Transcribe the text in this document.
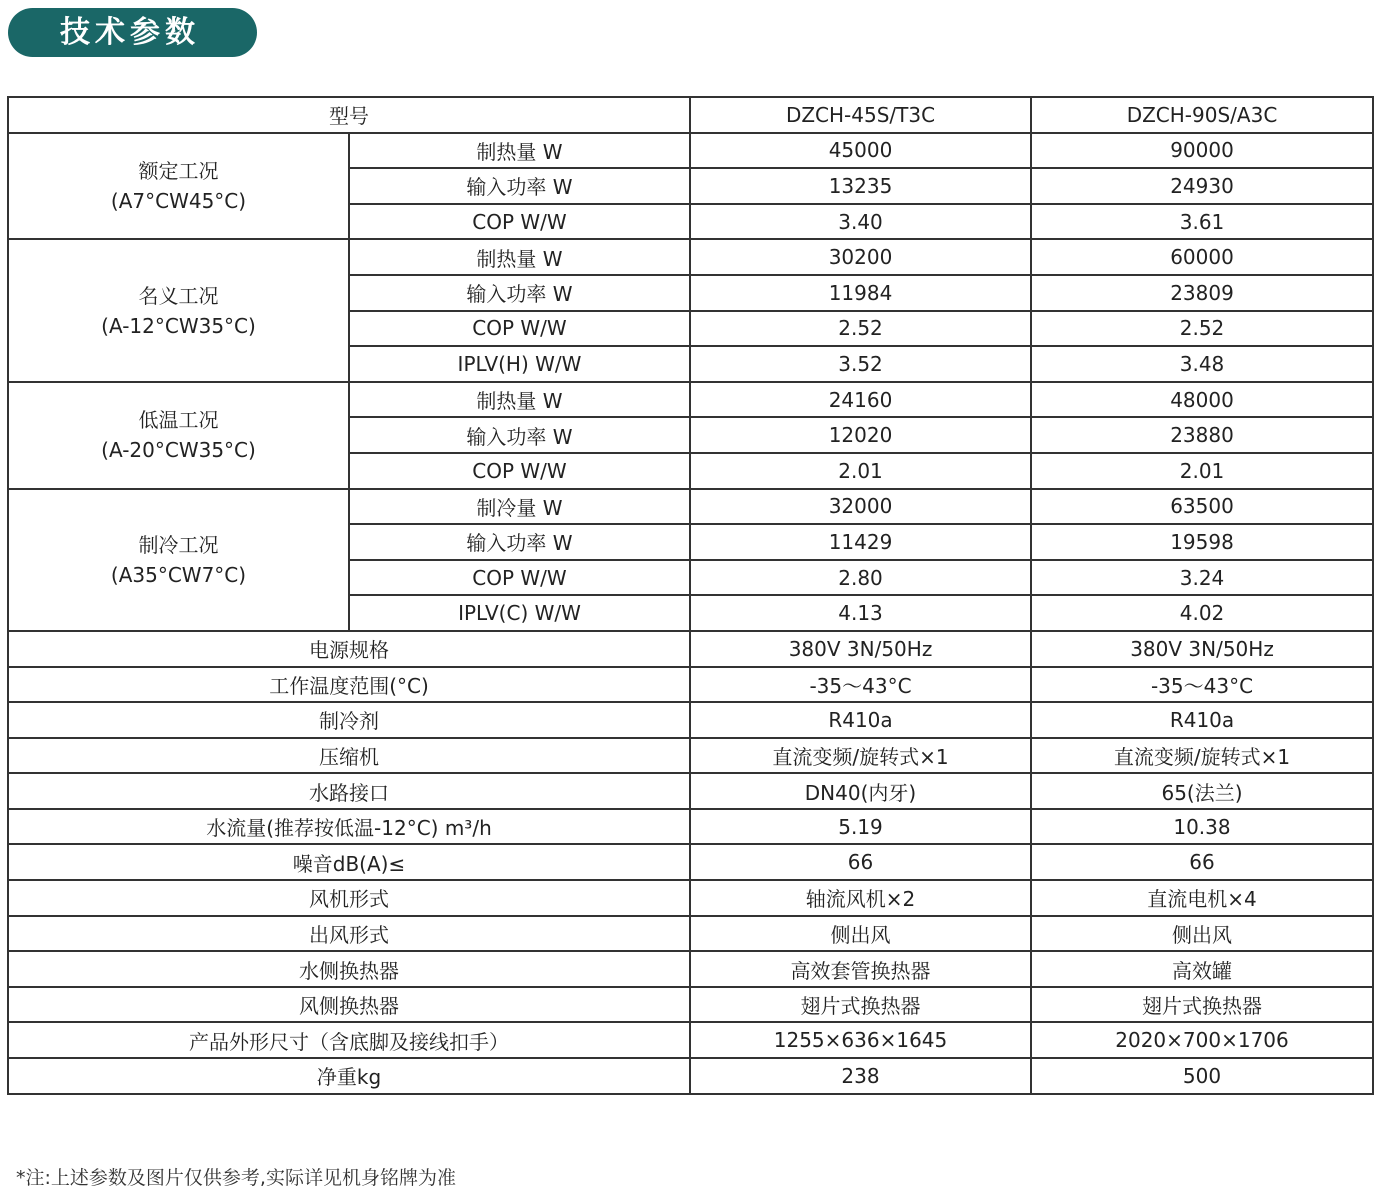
技术参数
型号		DZCH-45S/T3C	DZCH-90S/A3C

额定工况
(A7°CW45°C)	制热量 W	45000	90000
	输入功率 W	13235	24930
	COP W/W	3.40	3.61

名义工况
(A-12°CW35°C)	制热量 W	30200	60000
	输入功率 W	11984	23809
	COP W/W	2.52	2.52
	IPLV(H) W/W	3.52	3.48

低温工况
(A-20°CW35°C)	制热量 W	24160	48000
	输入功率 W	12020	23880
	COP W/W	2.01	2.01

制冷工况
(A35°CW7°C)	制冷量 W	32000	63500
	输入功率 W	11429	19598
	COP W/W	2.80	3.24
	IPLV(C) W/W	4.13	4.02
电源规格		380V 3N/50Hz	380V 3N/50Hz
工作温度范围(°C)		-35～43°C	-35～43°C
制冷剂		R410a	R410a
压缩机		直流变频/旋转式×1	直流变频/旋转式×1
水路接口		DN40(内牙)	65(法兰)
水流量(推荐按低温-12°C) m³/h		5.19	10.38
噪音dB(A)≤		66	66
风机形式		轴流风机×2	直流电机×4
出风形式		侧出风	侧出风
水侧换热器		高效套管换热器	高效罐
风侧换热器		翅片式换热器	翅片式换热器
产品外形尺寸（含底脚及接线扣手）		1255×636×1645	2020×700×1706
净重kg		238	500
*注:上述参数及图片仅供参考,实际详见机身铭牌为准
